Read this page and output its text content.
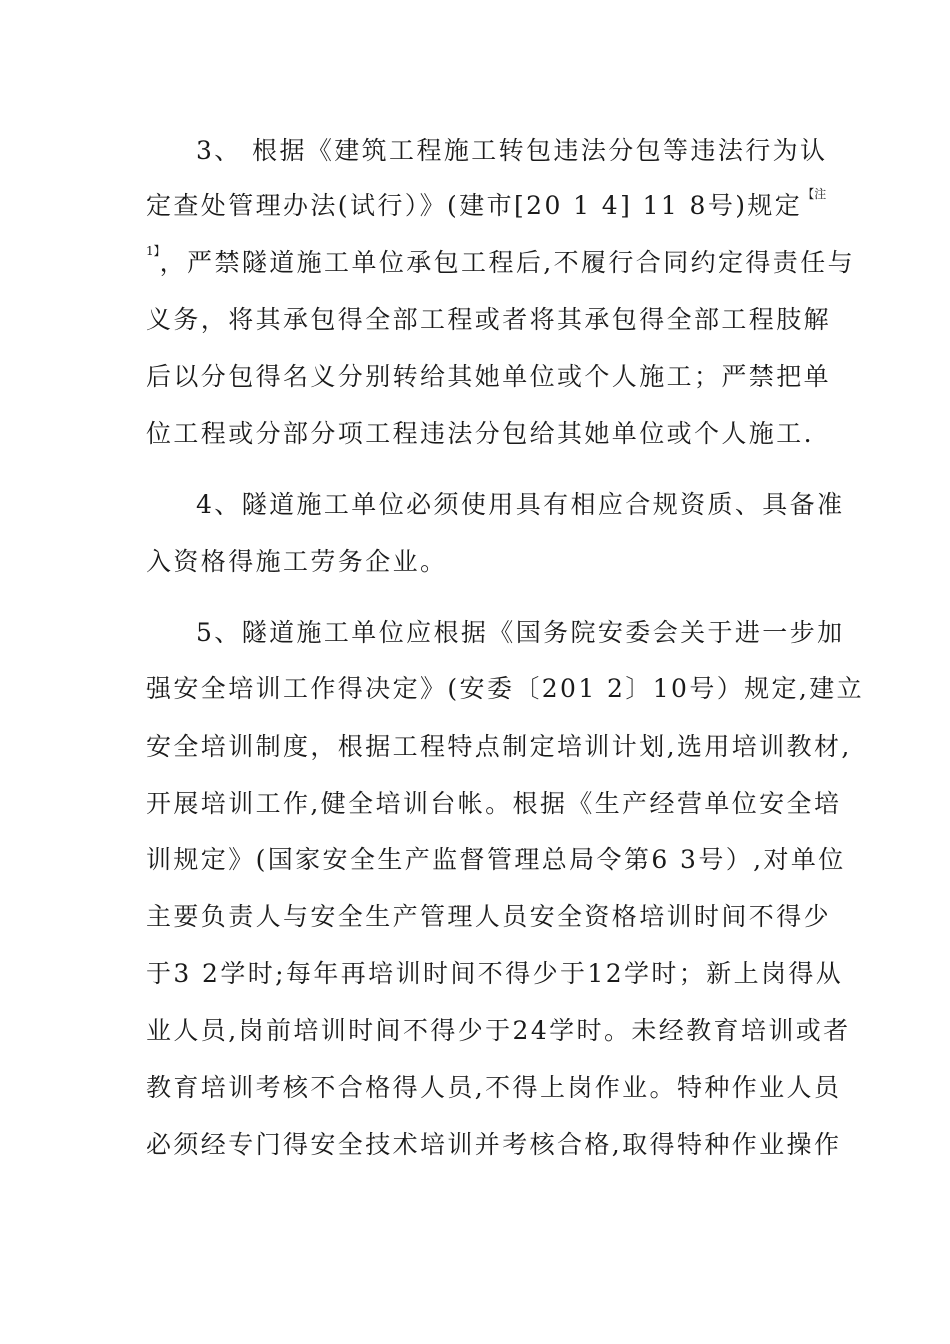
3、 根据《建筑工程施工转包违法分包等违法行为认
定查处管理办法(试行）》(建市[20 1 4] 11 8号)规定$^{【注}$
$^{1】}$，严禁隧道施工单位承包工程后,不履行合同约定得责任与
义务，将其承包得全部工程或者将其承包得全部工程肢解
后以分包得名义分别转给其她单位或个人施工；严禁把单
位工程或分部分项工程违法分包给其她单位或个人施工.
4、隧道施工单位必须使用具有相应合规资质、具备准
入资格得施工劳务企业。
5、隧道施工单位应根据《国务院安委会关于进一步加
强安全培训工作得决定》(安委〔201 2〕10号）规定,建立
安全培训制度，根据工程特点制定培训计划,选用培训教材,
开展培训工作,健全培训台帐。根据《生产经营单位安全培
训规定》(国家安全生产监督管理总局令第6 3号）,对单位
主要负责人与安全生产管理人员安全资格培训时间不得少
于3 2学时;每年再培训时间不得少于12学时；新上岗得从
业人员,岗前培训时间不得少于24学时。未经教育培训或者
教育培训考核不合格得人员,不得上岗作业。特种作业人员
必须经专门得安全技术培训并考核合格,取得特种作业操作
